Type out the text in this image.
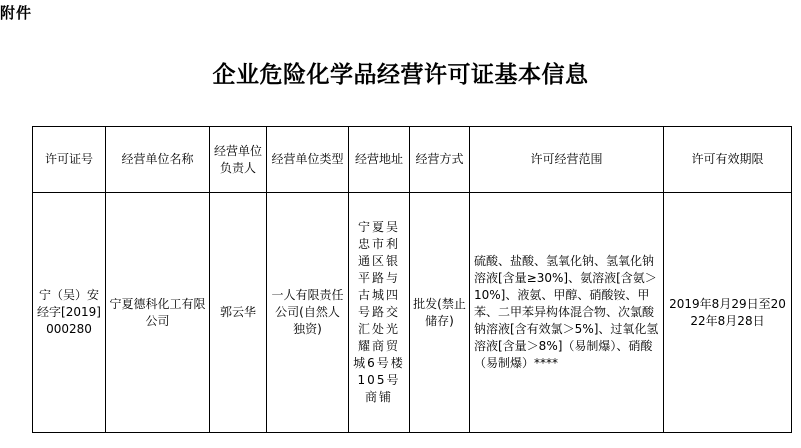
附件
企业危险化学品经营许可证基本信息
许可证号	经营单位名称	经营单位负责人	经营单位类型	经营地址	经营方式	许可经营范围	许可有效期限
宁（吴）安经字[2019]000280	宁夏德科化工有限公司	郭云华	一人有限责任公司(自然人独资)	宁夏吴忠市利通区银平路与古城四号路交汇处光耀商贸城6号楼105号商铺	批发(禁止储存)	硫酸、盐酸、氢氧化钠、氢氧化钠溶液[含量≥30%]、氨溶液[含氨＞10%]、液氨、甲醇、硝酸铵、甲苯、二甲苯异构体混合物、次氯酸钠溶液[含有效氯＞5%]、过氧化氢溶液[含量＞8%]（易制爆）、硝酸（易制爆）****	2019年8月29日至2022年8月28日
